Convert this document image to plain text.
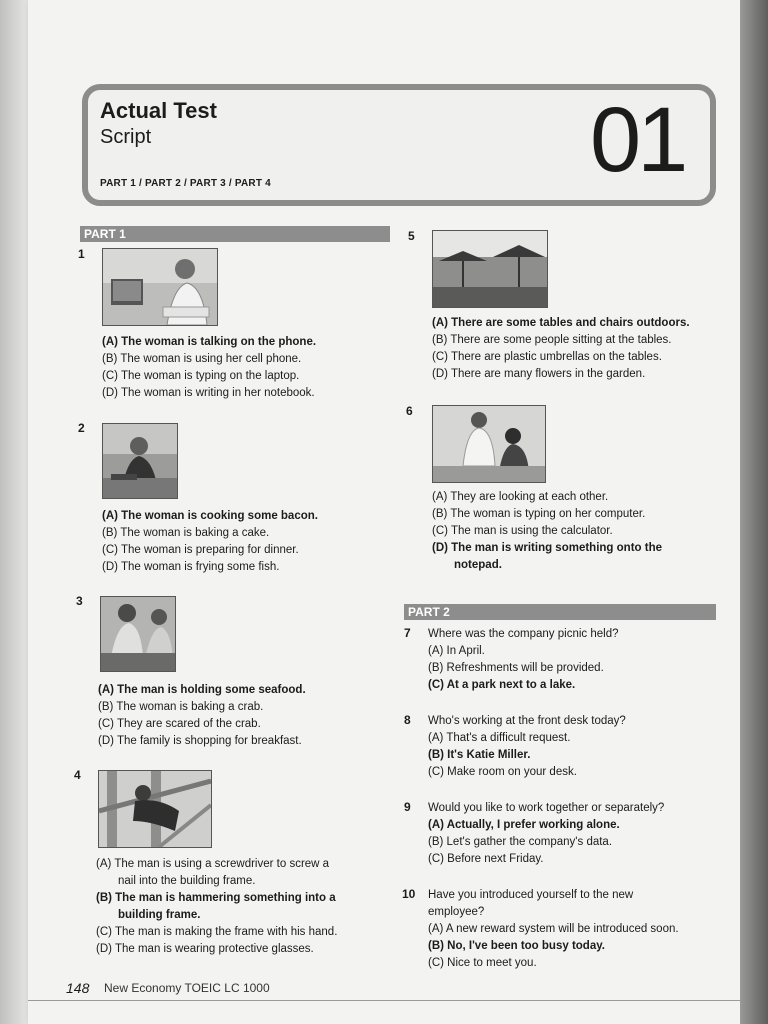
Actual Test
Script
PART 1 / PART 2 / PART 3 / PART 4	01
PART 1
1
(A) The woman is talking on the phone.
(B) The woman is using her cell phone.
(C) The woman is typing on the laptop.
(D) The woman is writing in her notebook.
2
(A) The woman is cooking some bacon.
(B) The woman is baking a cake.
(C) The woman is preparing for dinner.
(D) The woman is frying some fish.
3
(A) The man is holding some seafood.
(B) The woman is baking a crab.
(C) They are scared of the crab.
(D) The family is shopping for breakfast.
4
(A) The man is using a screwdriver to screw a
nail into the building frame.
(B) The man is hammering something into a
building frame.
(C) The man is making the frame with his hand.
(D) The man is wearing protective glasses.
5
(A) There are some tables and chairs outdoors.
(B) There are some people sitting at the tables.
(C) There are plastic umbrellas on the tables.
(D) There are many flowers in the garden.
6
(A) They are looking at each other.
(B) The woman is typing on her computer.
(C) The man is using the calculator.
(D) The man is writing something onto the
notepad.
PART 2
7 Where was the company picnic held?
(A) In April.
(B) Refreshments will be provided.
(C) At a park next to a lake.
8 Who's working at the front desk today?
(A) That's a difficult request.
(B) It's Katie Miller.
(C) Make room on your desk.
9 Would you like to work together or separately?
(A) Actually, I prefer working alone.
(B) Let's gather the company's data.
(C) Before next Friday.
10 Have you introduced yourself to the new employee?
(A) A new reward system will be introduced soon.
(B) No, I've been too busy today.
(C) Nice to meet you.
148 New Economy TOEIC LC 1000
